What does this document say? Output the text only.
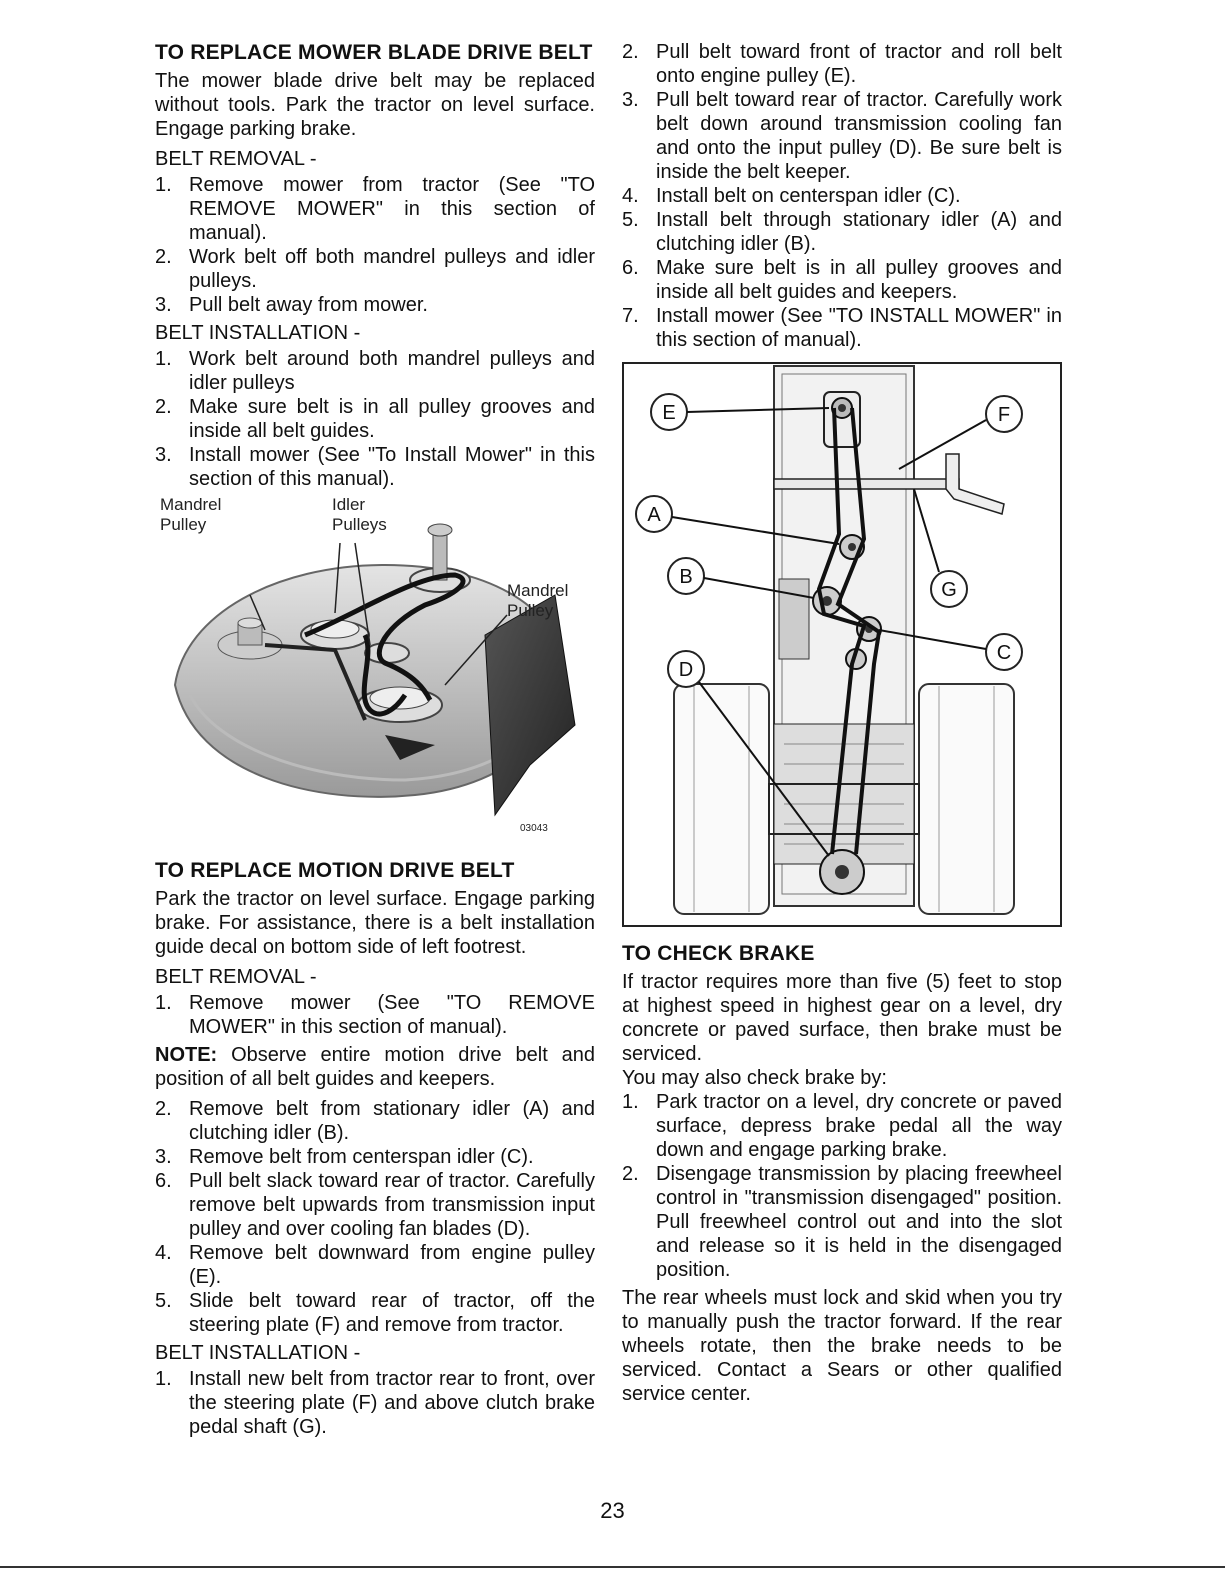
TO REPLACE MOWER BLADE DRIVE BELT
The mower blade drive belt may be replaced without tools. Park the tractor on level surface. Engage parking brake.
BELT REMOVAL -
1. Remove mower from tractor (See "TO REMOVE MOWER" in this section of manual).
2. Work belt off both mandrel pulleys and idler pulleys.
3. Pull belt away from mower.
BELT INSTALLATION -
1. Work belt around both mandrel pulleys and idler pulleys
2. Make sure belt is in all pulley grooves and inside all belt guides.
3. Install mower (See "To Install Mower" in this section of this manual).
Mandrel
Pulley
Idler
Pulleys
Mandrel
Pulley
03043
TO REPLACE MOTION DRIVE BELT
Park the tractor on level surface. Engage parking brake. For assistance, there is a belt installation guide decal on bottom side of left footrest.
BELT REMOVAL -
1. Remove mower (See "TO REMOVE MOWER" in this section of manual).
NOTE: Observe entire motion drive belt and position of all belt guides and keepers.
2. Remove belt from stationary idler (A) and clutching idler (B).
3. Remove belt from centerspan idler (C).
6. Pull belt slack toward rear of tractor. Carefully remove belt upwards from transmission input pulley and over cooling fan blades (D).
4. Remove belt downward from engine pulley (E).
5. Slide belt toward rear of tractor, off the steering plate (F) and remove from tractor.
BELT INSTALLATION -
1. Install new belt from tractor rear to front, over the steering plate (F) and above clutch brake pedal shaft (G).
2. Pull belt toward front of tractor and roll belt onto engine pulley (E).
3. Pull belt toward rear of tractor. Carefully work belt down around transmission cooling fan and onto the input pulley (D). Be sure belt is inside the belt keeper.
4. Install belt on centerspan idler (C).
5. Install belt through stationary idler (A) and clutching idler (B).
6. Make sure belt is in all pulley grooves and inside all belt guides and keepers.
7. Install mower (See "TO INSTALL MOWER" in this section of manual).
E	F
A
B
G
C
D
TO CHECK BRAKE
If tractor requires more than five (5) feet to stop at highest speed in highest gear on a level, dry concrete or paved surface, then brake must be serviced.
You may also check brake by:
1. Park tractor on a level, dry concrete or paved surface, depress brake pedal all the way down and engage parking brake.
2. Disengage transmission by placing freewheel control in "transmission disengaged" position. Pull freewheel control out and into the slot and release so it is held in the disengaged position.
The rear wheels must lock and skid when you try to manually push the tractor forward. If the rear wheels rotate, then the brake needs to be serviced. Contact a Sears or other qualified service center.
23
